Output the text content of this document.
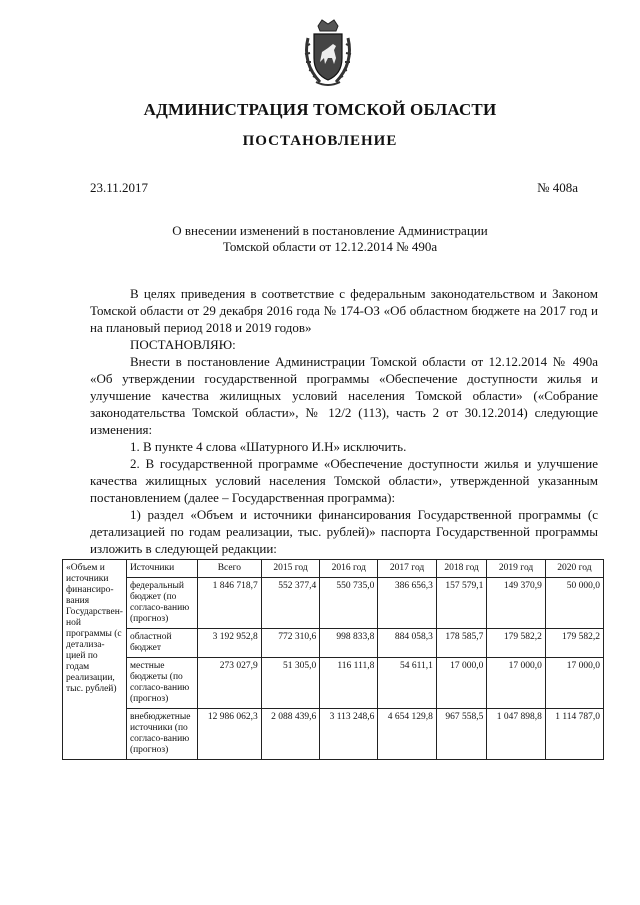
АДМИНИСТРАЦИЯ ТОМСКОЙ ОБЛАСТИ
ПОСТАНОВЛЕНИЕ
23.11.2017	№ 408а
О внесении изменений в постановление Администрации
Томской области от 12.12.2014 № 490а

В целях приведения в соответствие с федеральным законодательством и Законом Томской области от 29 декабря 2016 года № 174-ОЗ «Об областном бюджете на 2017 год и на плановый период 2018 и 2019 годов»

ПОСТАНОВЛЯЮ:

Внести в постановление Администрации Томской области от 12.12.2014 № 490а «Об утверждении государственной программы «Обеспечение доступности жилья и улучшение качества жилищных условий населения Томской области» («Собрание законодательства Томской области», № 12/2 (113), часть 2 от 30.12.2014) следующие изменения:

1. В пункте 4 слова «Шатурного И.Н» исключить.

2. В государственной программе «Обеспечение доступности жилья и улучшение качества жилищных условий населения Томской области», утвержденной указанным постановлением (далее – Государственная программа):

1) раздел «Объем и источники финансирования Государственной программы (с детализацией по годам реализации, тыс. рублей)» паспорта Государственной программы изложить в следующей редакции:

«Объем и источники финансиро-вания Государствен-ной программы (с детализа-цией по годам реализации, тыс. рублей)	Источники	Всего	2015 год	2016 год	2017 год	2018 год	2019 год	2020 год
	федеральный бюджет (по согласо-ванию (прогноз)	1 846 718,7	552 377,4	550 735,0	386 656,3	157 579,1	149 370,9	50 000,0
	областной бюджет	3 192 952,8	772 310,6	998 833,8	884 058,3	178 585,7	179 582,2	179 582,2
	местные бюджеты (по согласо-ванию (прогноз)	273 027,9	51 305,0	116 111,8	54 611,1	17 000,0	17 000,0	17 000,0
	внебюджетные источники (по согласо-ванию (прогноз)	12 986 062,3	2 088 439,6	3 113 248,6	4 654 129,8	967 558,5	1 047 898,8	1 114 787,0
